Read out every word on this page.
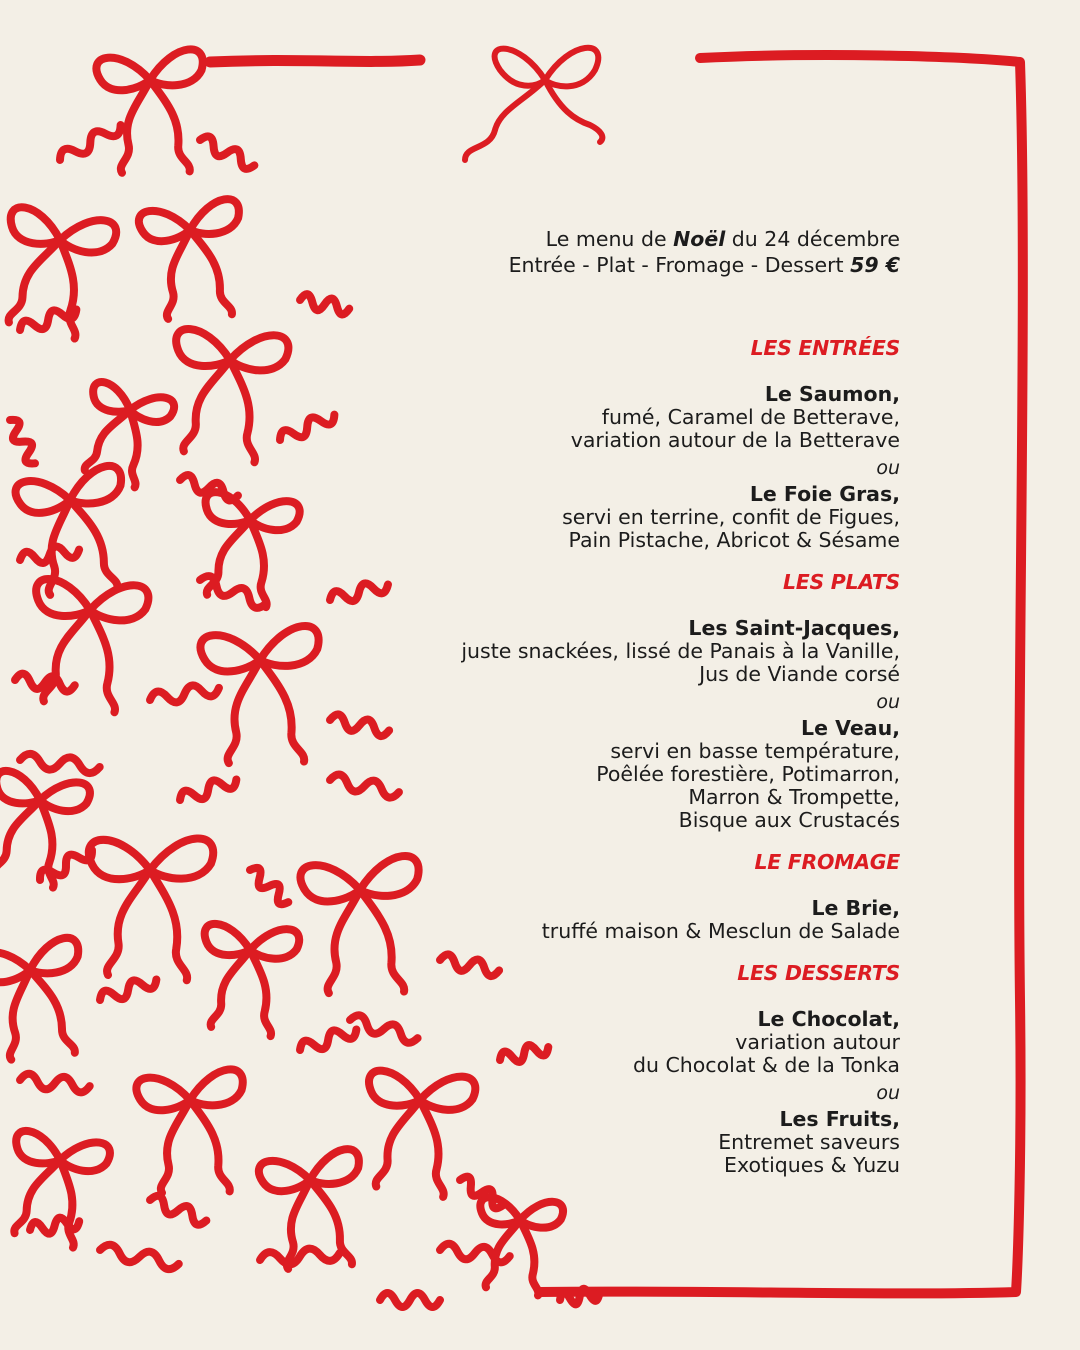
Le menu de Noël du 24 décembre
Entrée - Plat - Fromage - Dessert 59 €
LES ENTRÉES
Le Saumon,
fumé, Caramel de Betterave,
variation autour de la Betterave
ou
Le Foie Gras,
servi en terrine, confit de Figues,
Pain Pistache, Abricot & Sésame
LES PLATS
Les Saint-Jacques,
juste snackées, lissé de Panais à la Vanille,
Jus de Viande corsé
ou
Le Veau,
servi en basse température,
Poêlée forestière, Potimarron,
Marron & Trompette,
Bisque aux Crustacés
LE FROMAGE
Le Brie,
truffé maison & Mesclun de Salade
LES DESSERTS
Le Chocolat,
variation autour
du Chocolat & de la Tonka
ou
Les Fruits,
Entremet saveurs
Exotiques & Yuzu
